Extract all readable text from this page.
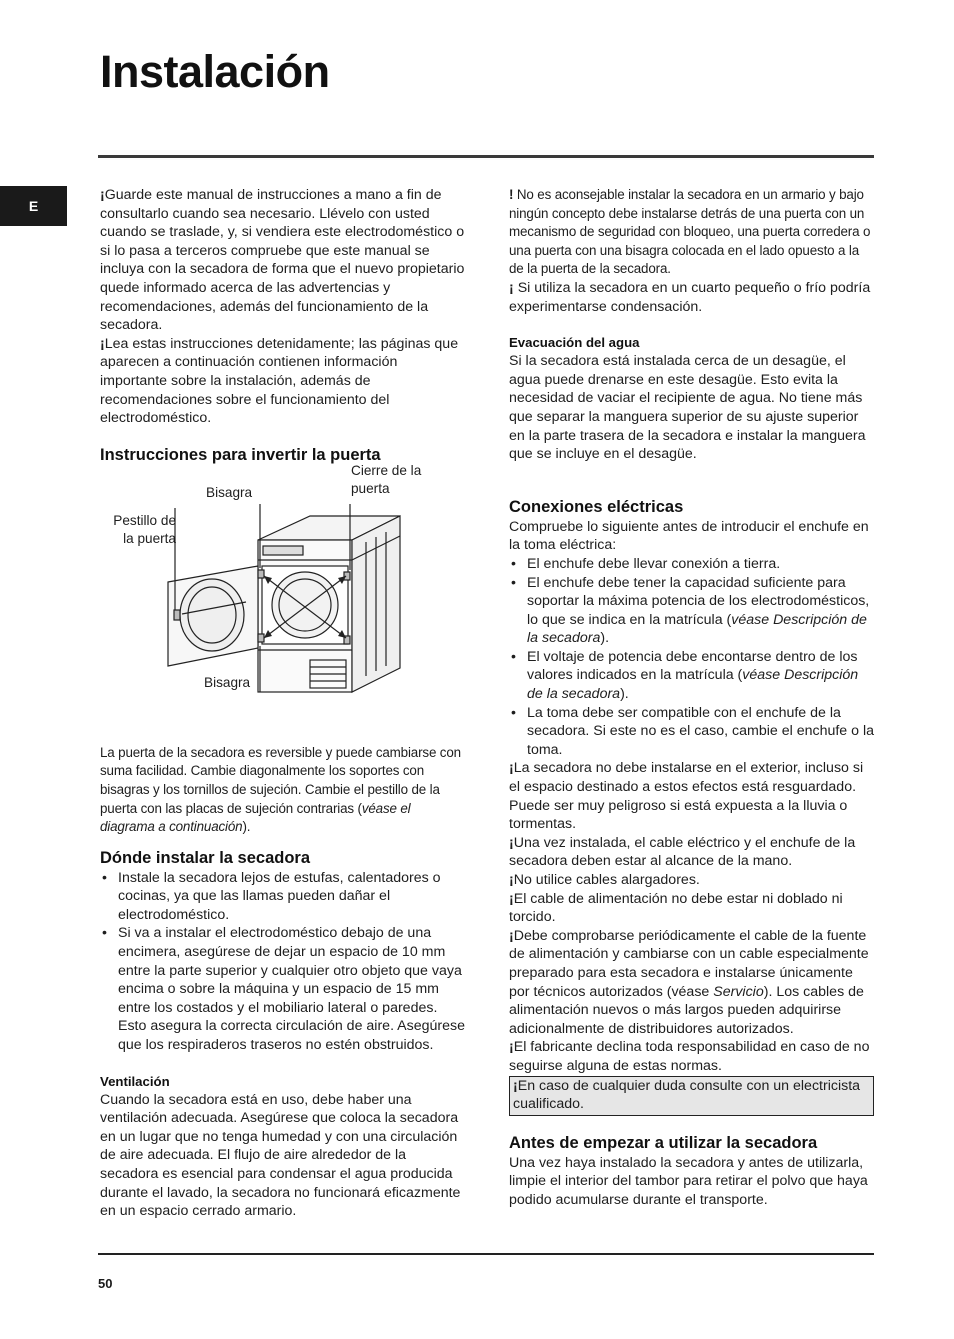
Instalación
E

¡Guarde este manual de instrucciones a mano a fin de consultarlo cuando sea necesario. Llévelo con usted cuando se traslade, y, si vendiera este electrodoméstico o si lo pasa a terceros compruebe que este manual se incluya con la secadora de forma que el nuevo propietario quede informado acerca de las advertencias y recomendaciones, además del funcionamiento de la secadora.

¡Lea estas instrucciones detenidamente; las páginas que aparecen a continuación contienen información importante sobre la instalación, además de recomendaciones sobre el funcionamiento del electrodoméstico.

Instrucciones para invertir la puerta
Cierre de la puerta
Bisagra
Pestillo de la puerta
Bisagra

La puerta de la secadora es reversible y puede cambiarse con suma facilidad. Cambie diagonalmente los soportes con bisagras y los tornillos de sujeción. Cambie el pestillo de la puerta con las placas de sujeción contrarias (véase el diagrama a continuación).

Dónde instalar la secadora
• Instale la secadora lejos de estufas, calentadores o cocinas, ya que las llamas pueden dañar el electrodoméstico.
• Si va a instalar el electrodoméstico debajo de una encimera, asegúrese de dejar un espacio de 10 mm entre la parte superior y cualquier otro objeto que vaya encima o sobre la máquina y un espacio de 15 mm entre los costados y el mobiliario lateral o paredes. Esto asegura la correcta circulación de aire. Asegúrese que los respiraderos traseros no estén obstruidos.
Ventilación

Cuando la secadora está en uso, debe haber una ventilación adecuada. Asegúrese que coloca la secadora en un lugar que no tenga humedad y con una circulación de aire adecuada. El flujo de aire alrededor de la secadora es esencial para condensar el agua producida durante el lavado, la secadora no funcionará eficazmente en un espacio cerrado armario.

! No es aconsejable instalar la secadora en un armario y bajo ningún concepto debe instalarse detrás de una puerta con un mecanismo de seguridad con bloqueo, una puerta corredera o una puerta con una bisagra colocada en el lado opuesto a la de la puerta de la secadora.

¡ Si utiliza la secadora en un cuarto pequeño o frío podría experimentarse condensación.

Evacuación del agua

Si la secadora está instalada cerca de un desagüe, el agua puede drenarse en este desagüe. Esto evita la necesidad de vaciar el recipiente de agua. No tiene más que separar la manguera superior de su ajuste superior en la parte trasera de la secadora e instalar la manguera que se incluye en el desagüe.

Conexiones eléctricas

Compruebe lo siguiente antes de introducir el enchufe en la toma eléctrica:

• El enchufe debe llevar conexión a tierra.
• El enchufe debe tener la capacidad suficiente para soportar la máxima potencia de los electrodomésticos, lo que se indica en la matrícula (véase Descripción de la secadora).
• El voltaje de potencia debe encontarse dentro de los valores indicados en la matrícula (véase Descripción de la secadora).
• La toma debe ser compatible con el enchufe de la secadora. Si este no es el caso, cambie el enchufe o la toma.

¡La secadora no debe instalarse en el exterior, incluso si el espacio destinado a estos efectos está resguardado. Puede ser muy peligroso si está expuesta a la lluvia o tormentas.

¡Una vez instalada, el cable eléctrico y el enchufe de la secadora deben estar al alcance de la mano.

¡No utilice cables alargadores.

¡El cable de alimentación no debe estar ni doblado ni torcido.

¡Debe comprobarse periódicamente el cable de la fuente de alimentación y cambiarse con un cable especialmente preparado para esta secadora e instalarse únicamente por técnicos autorizados (véase Servicio). Los cables de alimentación nuevos o más largos pueden adquirirse adicionalmente de distribuidores autorizados.

¡El fabricante declina toda responsabilidad en caso de no seguirse alguna de estas normas.

¡En caso de cualquier duda consulte con un electricista cualificado.

Antes de empezar a utilizar la secadora

Una vez haya instalado la secadora y antes de utilizarla, limpie el interior del tambor para retirar el polvo que haya podido acumularse durante el transporte.

50
